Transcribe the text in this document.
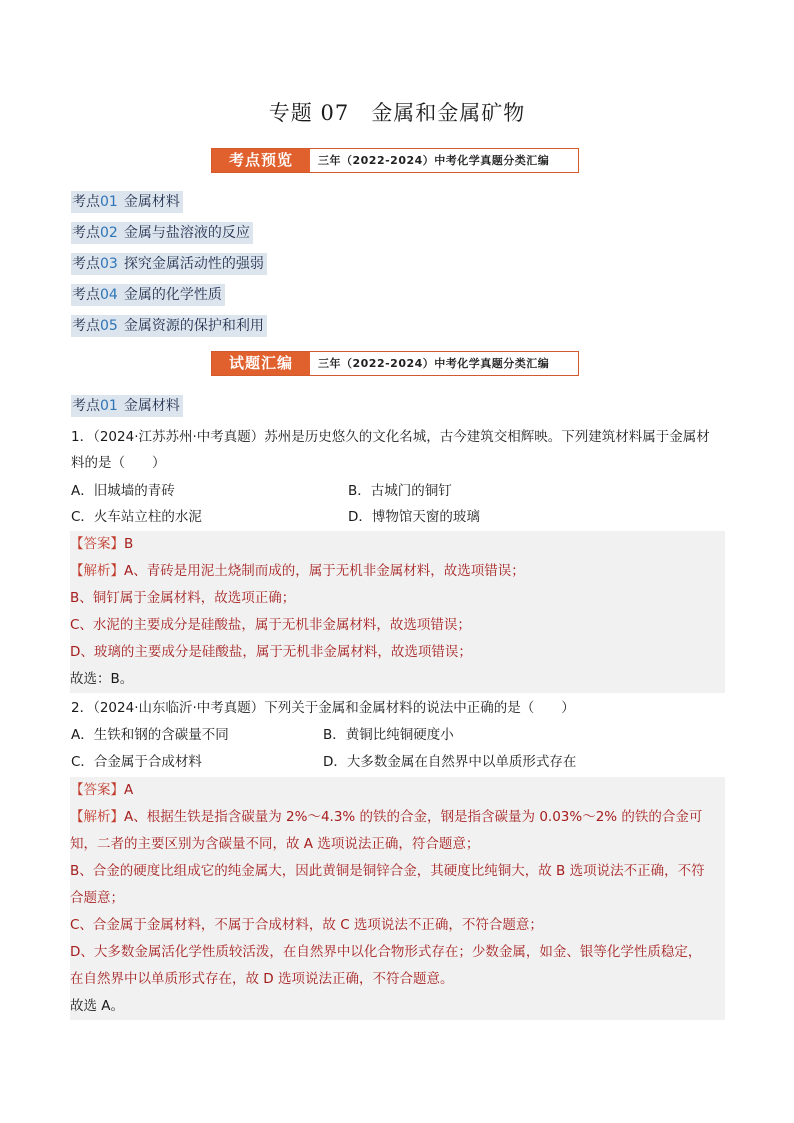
专题 07 金属和金属矿物
考点预览	三年（2022-2024）中考化学真题分类汇编
考点01 金属材料
考点02 金属与盐溶液的反应
考点03 探究金属活动性的强弱
考点04 金属的化学性质
考点05 金属资源的保护和利用
试题汇编	三年（2022-2024）中考化学真题分类汇编
考点01 金属材料
1．（2024·江苏苏州·中考真题）苏州是历史悠久的文化名城，古今建筑交相辉映。下列建筑材料属于金属材
料的是（　　）
A．旧城墙的青砖	B．古城门的铜钉
C．火车站立柱的水泥	D．博物馆天窗的玻璃
【答案】B
【解析】A、青砖是用泥土烧制而成的，属于无机非金属材料，故选项错误；
B、铜钉属于金属材料，故选项正确；
C、水泥的主要成分是硅酸盐，属于无机非金属材料，故选项错误；
D、玻璃的主要成分是硅酸盐，属于无机非金属材料，故选项错误；
故选：B。
2．（2024·山东临沂·中考真题）下列关于金属和金属材料的说法中正确的是（　　）
A．生铁和钢的含碳量不同	B．黄铜比纯铜硬度小
C．合金属于合成材料	D．大多数金属在自然界中以单质形式存在
【答案】A
【解析】A、根据生铁是指含碳量为 2%～4.3% 的铁的合金，钢是指含碳量为 0.03%～2% 的铁的合金可
知，二者的主要区别为含碳量不同，故 A 选项说法正确，符合题意；
B、合金的硬度比组成它的纯金属大，因此黄铜是铜锌合金，其硬度比纯铜大，故 B 选项说法不正确，不符
合题意；
C、合金属于金属材料，不属于合成材料，故 C 选项说法不正确，不符合题意；
D、大多数金属活化学性质较活泼，在自然界中以化合物形式存在；少数金属，如金、银等化学性质稳定，
在自然界中以单质形式存在，故 D 选项说法正确，不符合题意。
故选 A。
